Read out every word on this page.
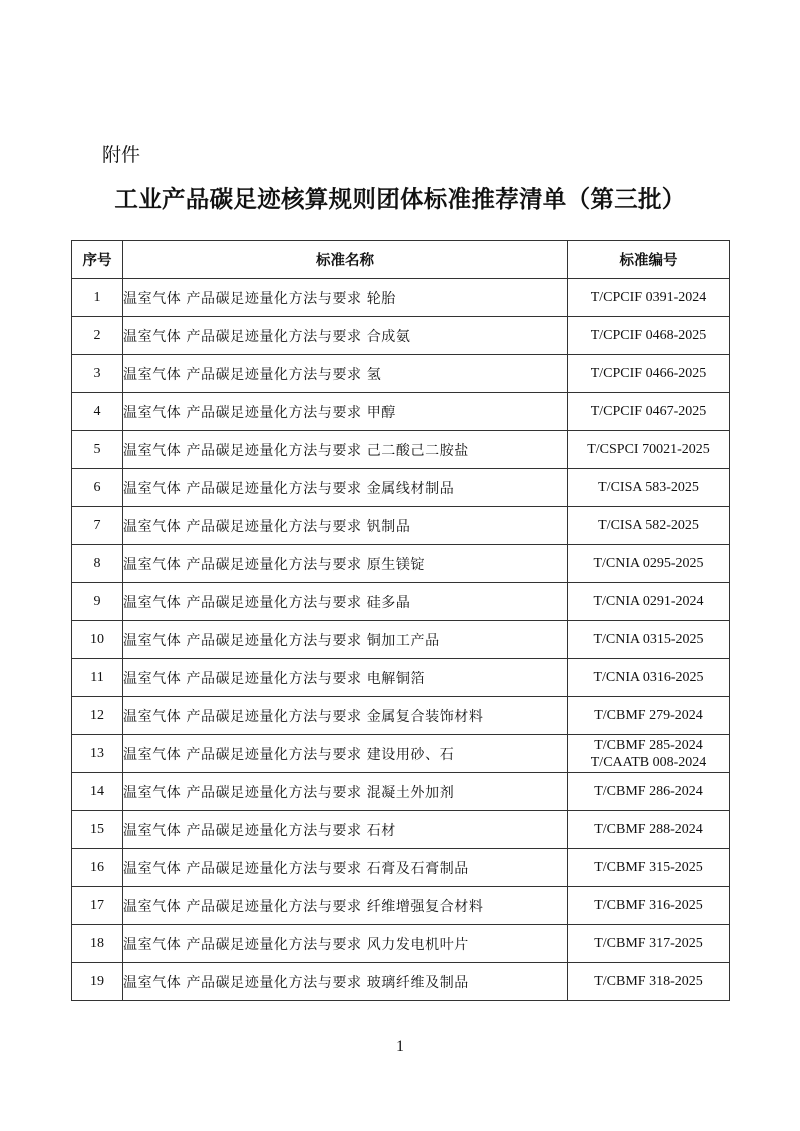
附件
工业产品碳足迹核算规则团体标准推荐清单（第三批）
序号	标准名称	标准编号
1	温室气体 产品碳足迹量化方法与要求 轮胎	T/CPCIF 0391-2024

2	温室气体 产品碳足迹量化方法与要求 合成氨	T/CPCIF 0468-2025

3	温室气体 产品碳足迹量化方法与要求 氢	T/CPCIF 0466-2025

4	温室气体 产品碳足迹量化方法与要求 甲醇	T/CPCIF 0467-2025

5	温室气体 产品碳足迹量化方法与要求 己二酸己二胺盐	T/CSPCI 70021-2025

6	温室气体 产品碳足迹量化方法与要求 金属线材制品	T/CISA 583-2025

7	温室气体 产品碳足迹量化方法与要求 钒制品	T/CISA 582-2025

8	温室气体 产品碳足迹量化方法与要求 原生镁锭	T/CNIA 0295-2025

9	温室气体 产品碳足迹量化方法与要求 硅多晶	T/CNIA 0291-2024

10	温室气体 产品碳足迹量化方法与要求 铜加工产品	T/CNIA 0315-2025

11	温室气体 产品碳足迹量化方法与要求 电解铜箔	T/CNIA 0316-2025

12	温室气体 产品碳足迹量化方法与要求 金属复合装饰材料	T/CBMF 279-2024

13	温室气体 产品碳足迹量化方法与要求 建设用砂、石	T/CBMF 285-2024
T/CAATB 008-2024

14	温室气体 产品碳足迹量化方法与要求 混凝土外加剂	T/CBMF 286-2024

15	温室气体 产品碳足迹量化方法与要求 石材	T/CBMF 288-2024

16	温室气体 产品碳足迹量化方法与要求 石膏及石膏制品	T/CBMF 315-2025

17	温室气体 产品碳足迹量化方法与要求 纤维增强复合材料	T/CBMF 316-2025

18	温室气体 产品碳足迹量化方法与要求 风力发电机叶片	T/CBMF 317-2025

19	温室气体 产品碳足迹量化方法与要求 玻璃纤维及制品	T/CBMF 318-2025
1
